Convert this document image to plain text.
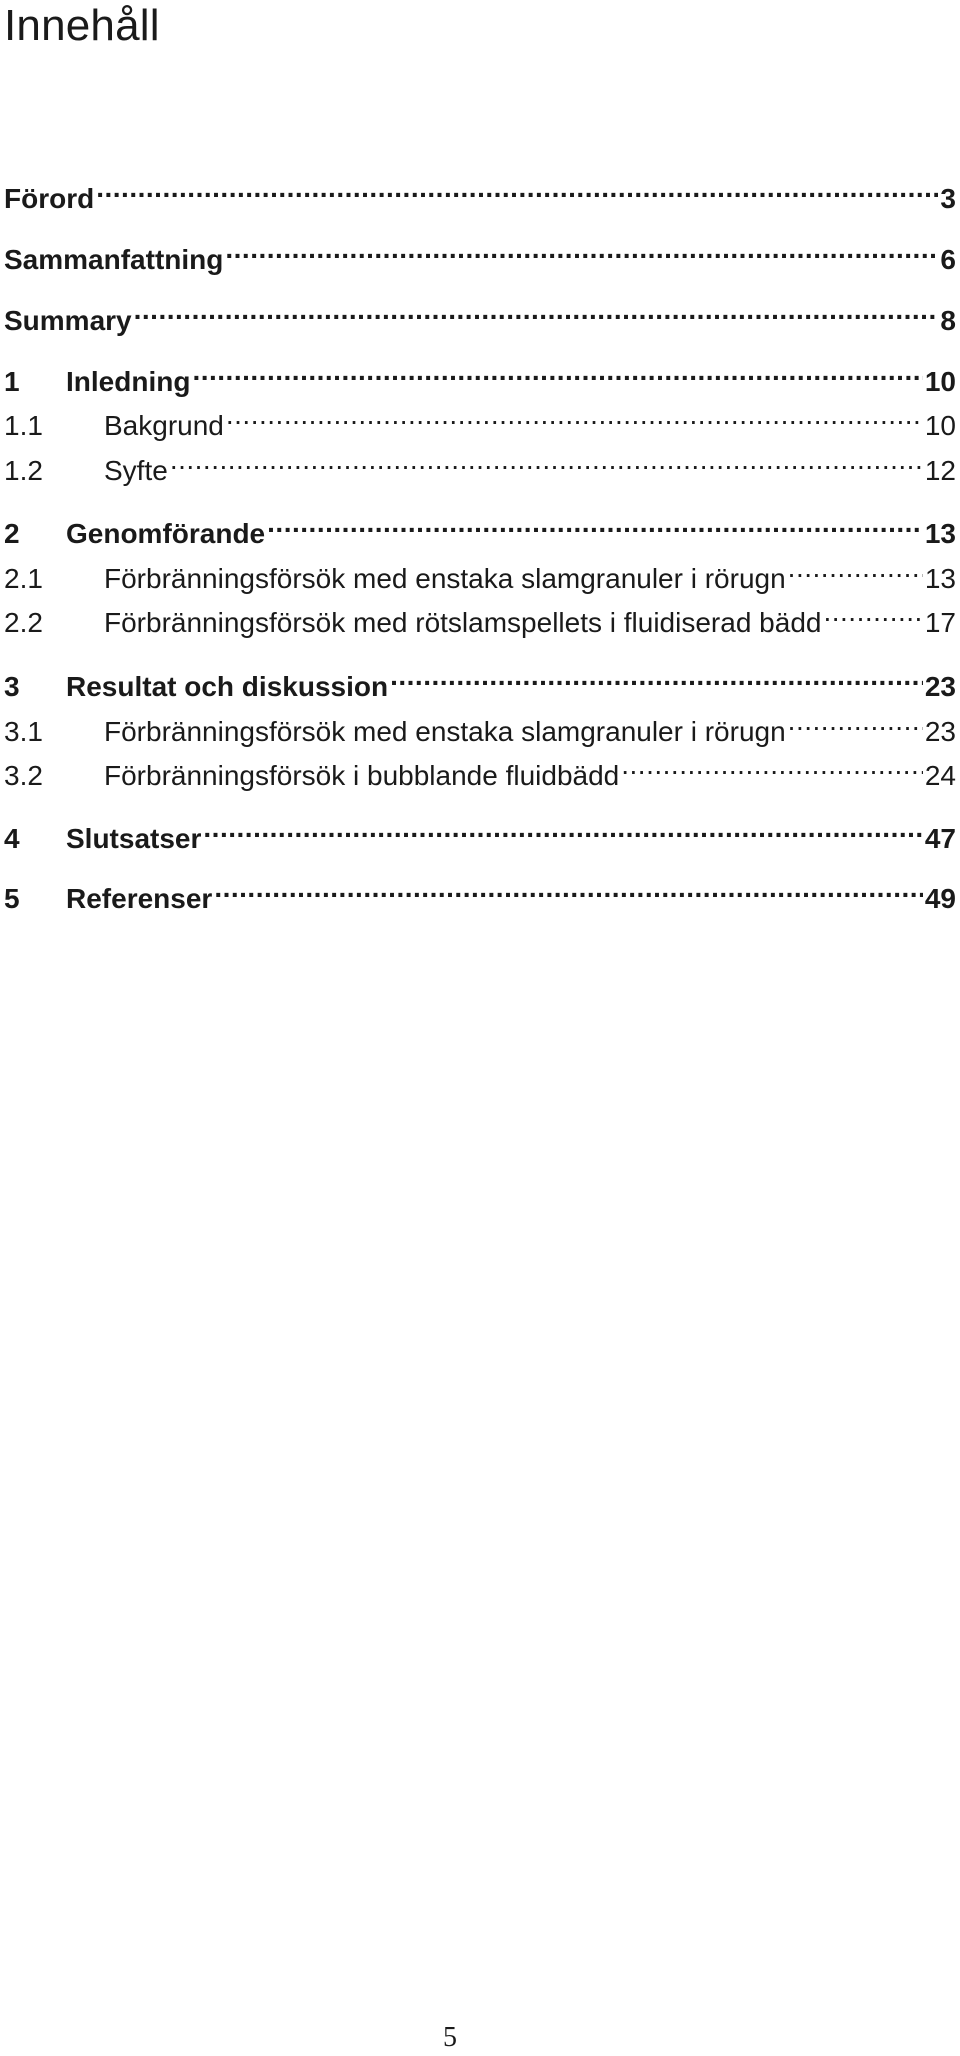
Innehåll
Förord .....	3
Sammanfattning .....	6
Summary .....	8
1	Inledning .....	10
1.1	Bakgrund .....	10
1.2	Syfte .....	12
2	Genomförande .....	13
2.1	Förbränningsförsök med enstaka slamgranuler i rörugn .....	13
2.2	Förbränningsförsök med rötslamspellets i fluidiserad bädd .....	17
3	Resultat och diskussion .....	23
3.1	Förbränningsförsök med enstaka slamgranuler i rörugn .....	23
3.2	Förbränningsförsök i bubblande fluidbädd .....	24
4	Slutsatser .....	47
5	Referenser .....	49
5
